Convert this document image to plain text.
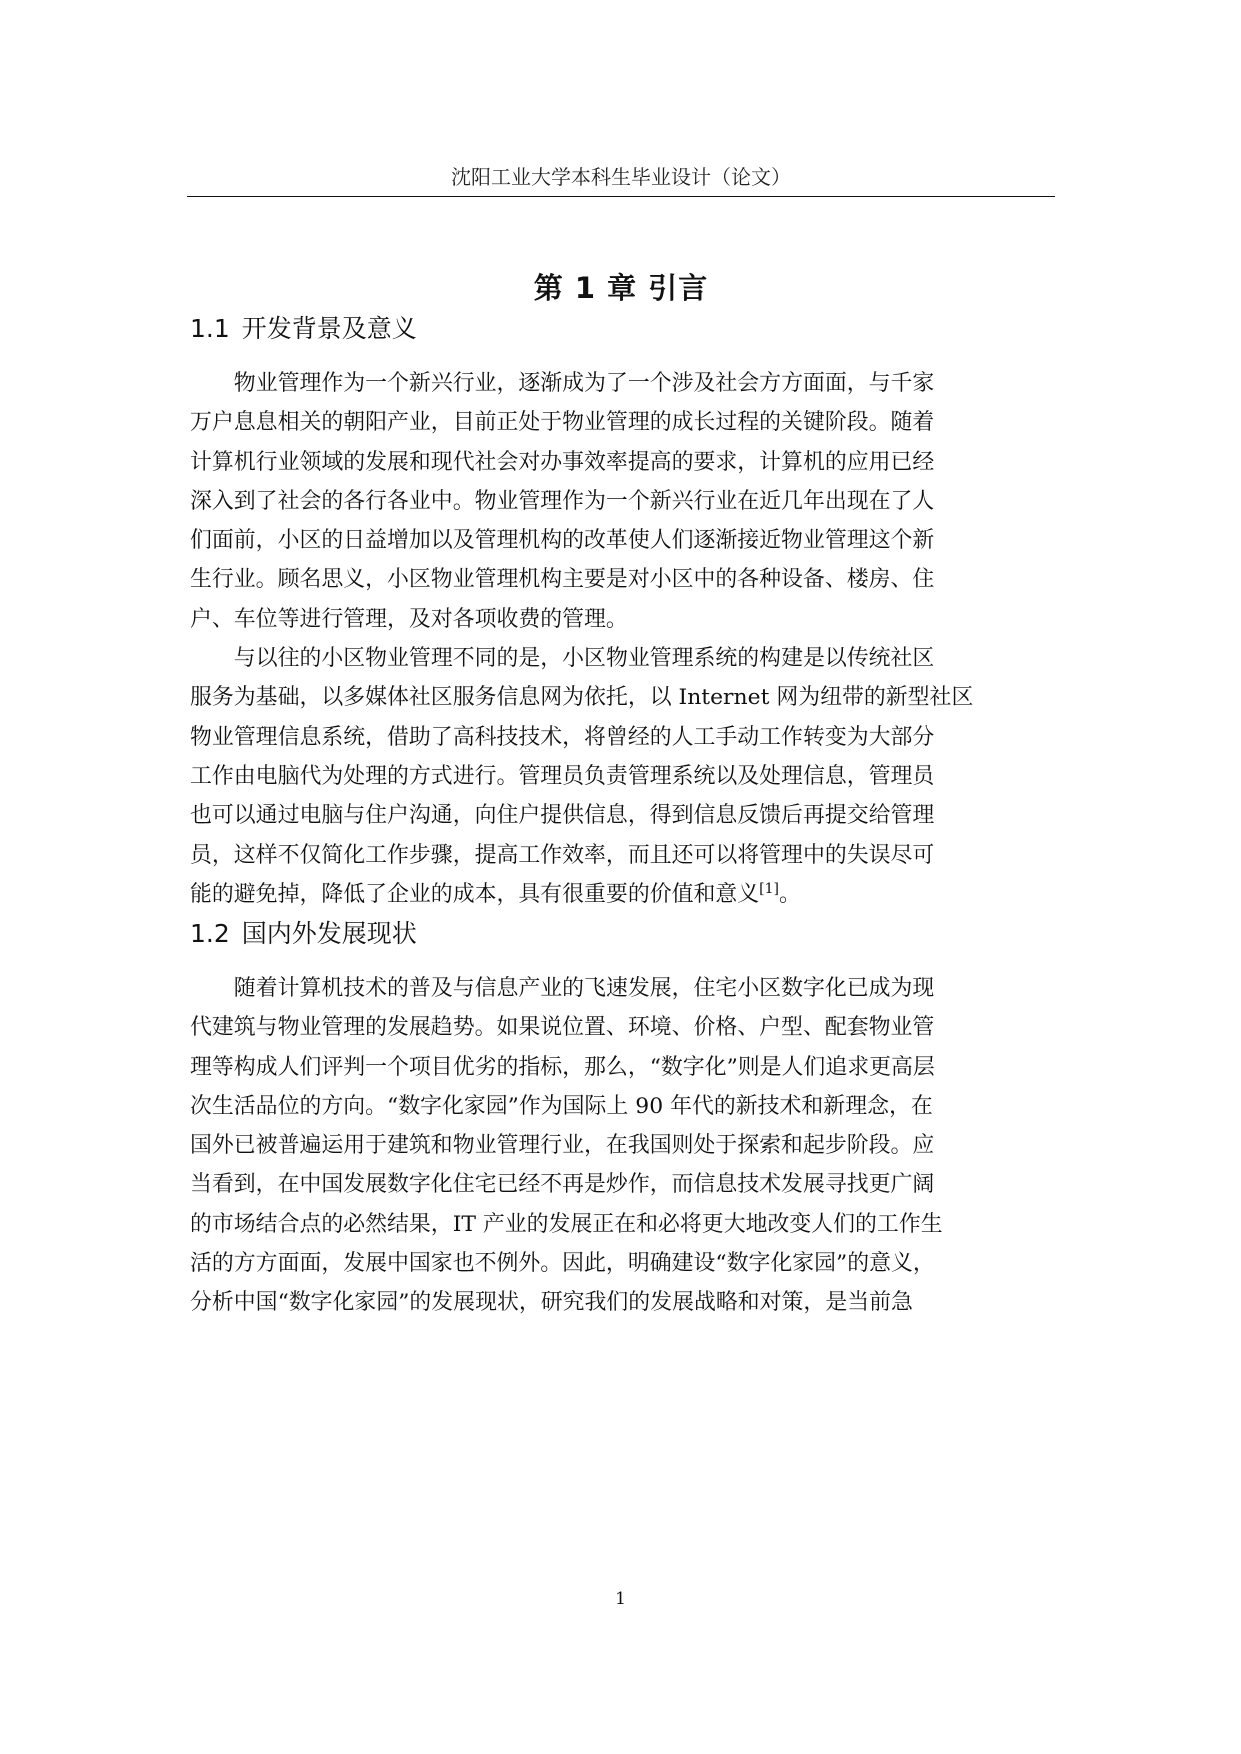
沈阳工业大学本科生毕业设计（论文）
第 1 章 引言
1.1 开发背景及意义

物业管理作为一个新兴行业，逐渐成为了一个涉及社会方方面面，与千家
万户息息相关的朝阳产业，目前正处于物业管理的成长过程的关键阶段。随着
计算机行业领域的发展和现代社会对办事效率提高的要求，计算机的应用已经
深入到了社会的各行各业中。物业管理作为一个新兴行业在近几年出现在了人
们面前，小区的日益增加以及管理机构的改革使人们逐渐接近物业管理这个新
生行业。顾名思义，小区物业管理机构主要是对小区中的各种设备、楼房、住
户、车位等进行管理，及对各项收费的管理。

与以往的小区物业管理不同的是，小区物业管理系统的构建是以传统社区
服务为基础，以多媒体社区服务信息网为依托，以 Internet 网为纽带的新型社区
物业管理信息系统，借助了高科技技术，将曾经的人工手动工作转变为大部分
工作由电脑代为处理的方式进行。管理员负责管理系统以及处理信息，管理员
也可以通过电脑与住户沟通，向住户提供信息，得到信息反馈后再提交给管理
员，这样不仅简化工作步骤，提高工作效率，而且还可以将管理中的失误尽可
能的避免掉，降低了企业的成本，具有很重要的价值和意义[1]。

1.2 国内外发展现状

随着计算机技术的普及与信息产业的飞速发展，住宅小区数字化已成为现
代建筑与物业管理的发展趋势。如果说位置、环境、价格、户型、配套物业管
理等构成人们评判一个项目优劣的指标，那么，“数字化”则是人们追求更高层
次生活品位的方向。“数字化家园”作为国际上 90 年代的新技术和新理念，在
国外已被普遍运用于建筑和物业管理行业，在我国则处于探索和起步阶段。应
当看到，在中国发展数字化住宅已经不再是炒作，而信息技术发展寻找更广阔
的市场结合点的必然结果，IT 产业的发展正在和必将更大地改变人们的工作生
活的方方面面，发展中国家也不例外。因此，明确建设“数字化家园”的意义，
分析中国“数字化家园”的发展现状，研究我们的发展战略和对策，是当前急

1
